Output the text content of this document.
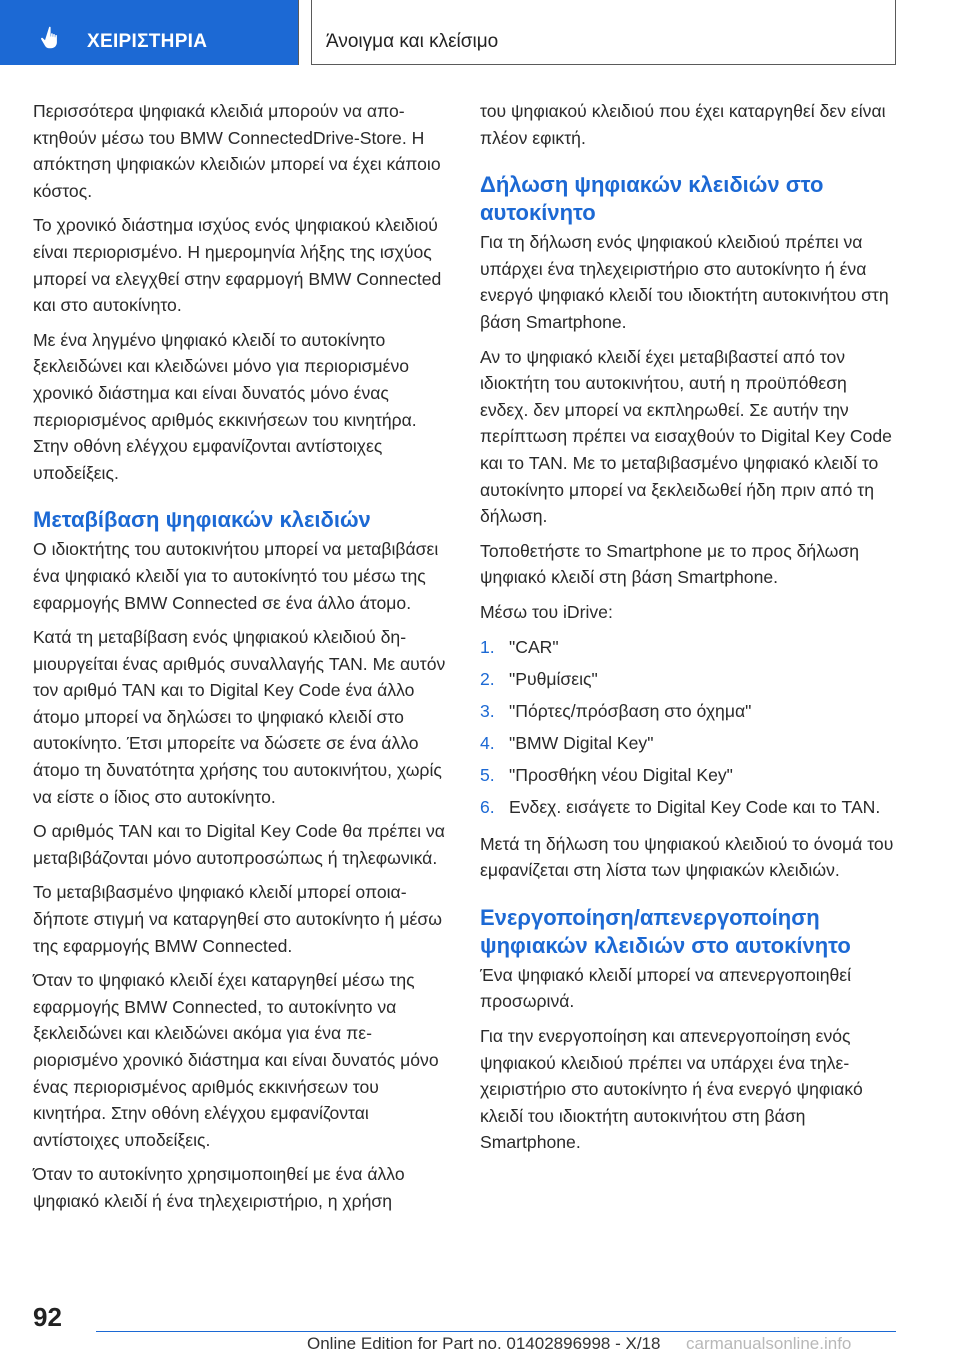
ΧΕΙΡΙΣΤΗΡΙΑ	Άνοιγμα και κλείσιμο

Περισσότερα ψηφιακά κλειδιά μπορούν να αποκτηθούν μέσω του BMW ConnectedDrive-Store. Η απόκτηση ψηφιακών κλειδιών μπορεί να έχει κάποιο κόστος.

Το χρονικό διάστημα ισχύος ενός ψηφιακού κλειδιού είναι περιορισμένο. Η ημερομηνία λήξης της ισχύος μπορεί να ελεγχθεί στην εφαρμογή BMW Connected και στο αυτοκίνητο.

Με ένα ληγμένο ψηφιακό κλειδί το αυτοκίνητο ξεκλειδώνει και κλειδώνει μόνο για περιορισμένο χρονικό διάστημα και είναι δυνατός μόνο ένας περιορισμένος αριθμός εκκινήσεων του κινητήρα. Στην οθόνη ελέγχου εμφανίζονται αντίστοιχες υποδείξεις.

Μεταβίβαση ψηφιακών κλειδιών

Ο ιδιοκτήτης του αυτοκινήτου μπορεί να μεταβιβάσει ένα ψηφιακό κλειδί για το αυτοκίνητό του μέσω της εφαρμογής BMW Connected σε ένα άλλο άτομο.

Κατά τη μεταβίβαση ενός ψηφιακού κλειδιού δημιουργείται ένας αριθμός συναλλαγής TAN. Με αυτόν τον αριθμό TAN και το Digital Key Code ένα άλλο άτομο μπορεί να δηλώσει το ψηφιακό κλειδί στο αυτοκίνητο. Έτσι μπορείτε να δώσετε σε ένα άλλο άτομο τη δυνατότητα χρήσης του αυτοκινήτου, χωρίς να είστε ο ίδιος στο αυτοκίνητο.

Ο αριθμός TAN και το Digital Key Code θα πρέπει να μεταβιβάζονται μόνο αυτοπροσώπως ή τηλεφωνικά.

Το μεταβιβασμένο ψηφιακό κλειδί μπορεί οποιαδήποτε στιγμή να καταργηθεί στο αυτοκίνητο ή μέσω της εφαρμογής BMW Connected.

Όταν το ψηφιακό κλειδί έχει καταργηθεί μέσω της εφαρμογής BMW Connected, το αυτοκίνητο να ξεκλειδώνει και κλειδώνει ακόμα για ένα περιορισμένο χρονικό διάστημα και είναι δυνατός μόνο ένας περιορισμένος αριθμός εκκινήσεων του κινητήρα. Στην οθόνη ελέγχου εμφανίζονται αντίστοιχες υποδείξεις.

Όταν το αυτοκίνητο χρησιμοποιηθεί με ένα άλλο ψηφιακό κλειδί ή ένα τηλεχειριστήριο, η χρήση

του ψηφιακού κλειδιού που έχει καταργηθεί δεν είναι πλέον εφικτή.

Δήλωση ψηφιακών κλειδιών στο αυτοκίνητο

Για τη δήλωση ενός ψηφιακού κλειδιού πρέπει να υπάρχει ένα τηλεχειριστήριο στο αυτοκίνητο ή ένα ενεργό ψηφιακό κλειδί του ιδιοκτήτη αυτοκινήτου στη βάση Smartphone.

Αν το ψηφιακό κλειδί έχει μεταβιβαστεί από τον ιδιοκτήτη του αυτοκινήτου, αυτή η προϋπόθεση ενδεχ. δεν μπορεί να εκπληρωθεί. Σε αυτήν την περίπτωση πρέπει να εισαχθούν το Digital Key Code και το TAN. Με το μεταβιβασμένο ψηφιακό κλειδί το αυτοκίνητο μπορεί να ξεκλειδωθεί ήδη πριν από τη δήλωση.

Τοποθετήστε το Smartphone με το προς δήλωση ψηφιακό κλειδί στη βάση Smartphone.

Μέσω του iDrive:

1. "CAR"
2. "Ρυθμίσεις"
3. "Πόρτες/πρόσβαση στο όχημα"
4. "BMW Digital Key"
5. "Προσθήκη νέου Digital Key"
6. Ενδεχ. εισάγετε το Digital Key Code και το TAN.

Μετά τη δήλωση του ψηφιακού κλειδιού το όνομά του εμφανίζεται στη λίστα των ψηφιακών κλειδιών.

Ενεργοποίηση/απενεργοποίηση ψηφιακών κλειδιών στο αυτοκίνητο

Ένα ψηφιακό κλειδί μπορεί να απενεργοποιηθεί προσωρινά.

Για την ενεργοποίηση και απενεργοποίηση ενός ψηφιακού κλειδιού πρέπει να υπάρχει ένα τηλεχειριστήριο στο αυτοκίνητο ή ένα ενεργό ψηφιακό κλειδί του ιδιοκτήτη αυτοκινήτου στη βάση Smartphone.

92
Online Edition for Part no. 01402896998 - X/18 carmanualsonline.info
